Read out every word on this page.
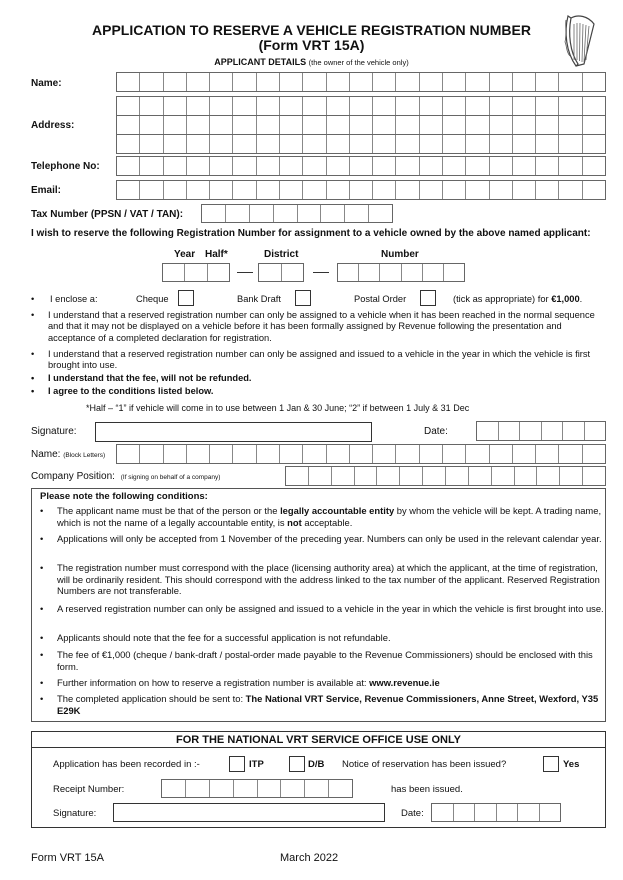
APPLICATION TO RESERVE A VEHICLE REGISTRATION NUMBER
(Form VRT 15A)
APPLICANT DETAILS (the owner of the vehicle only)
Name:
Address:
Telephone No:
Email:
Tax Number (PPSN / VAT / TAN):
I wish to reserve the following Registration Number for assignment to a vehicle owned by the above named applicant:
Year Half*	District	Number
• I enclose a:	Cheque	Bank Draft	Postal Order	(tick as appropriate) for €1,000.
• I understand that a reserved registration number can only be assigned to a vehicle when it has been reached in the normal sequence and that it may not be displayed on a vehicle before it has been formally assigned by Revenue following the presentation and acceptance of a completed declaration for registration.
• I understand that a reserved registration number can only be assigned and issued to a vehicle in the year in which the vehicle is first brought into use.
• I understand that the fee, will not be refunded.
• I agree to the conditions listed below.
*Half – “1” if vehicle will come in to use between 1 Jan & 30 June; “2” if between 1 July & 31 Dec
Signature:	Date:
Name: (Block Letters)
Company Position: (If signing on behalf of a company)
Please note the following conditions:
• The applicant name must be that of the person or the legally accountable entity by whom the vehicle will be kept. A trading name, which is not the name of a legally accountable entity, is not acceptable.
• Applications will only be accepted from 1 November of the preceding year. Numbers can only be used in the relevant calendar year.
• The registration number must correspond with the place (licensing authority area) at which the applicant, at the time of registration, will be ordinarily resident. This should correspond with the address linked to the tax number of the applicant. Reserved Registration Numbers are not transferable.
• A reserved registration number can only be assigned and issued to a vehicle in the year in which the vehicle is first brought into use.
• Applicants should note that the fee for a successful application is not refundable.
• The fee of €1,000 (cheque / bank-draft / postal-order made payable to the Revenue Commissioners) should be enclosed with this form.
• Further information on how to reserve a registration number is available at: www.revenue.ie
• The completed application should be sent to: The National VRT Service, Revenue Commissioners, Anne Street, Wexford, Y35 E29K
FOR THE NATIONAL VRT SERVICE OFFICE USE ONLY
Application has been recorded in :-	ITP	D/B Notice of reservation has been issued?	Yes
Receipt Number:	has been issued.
Signature:	Date:
Form VRT 15A	March 2022
